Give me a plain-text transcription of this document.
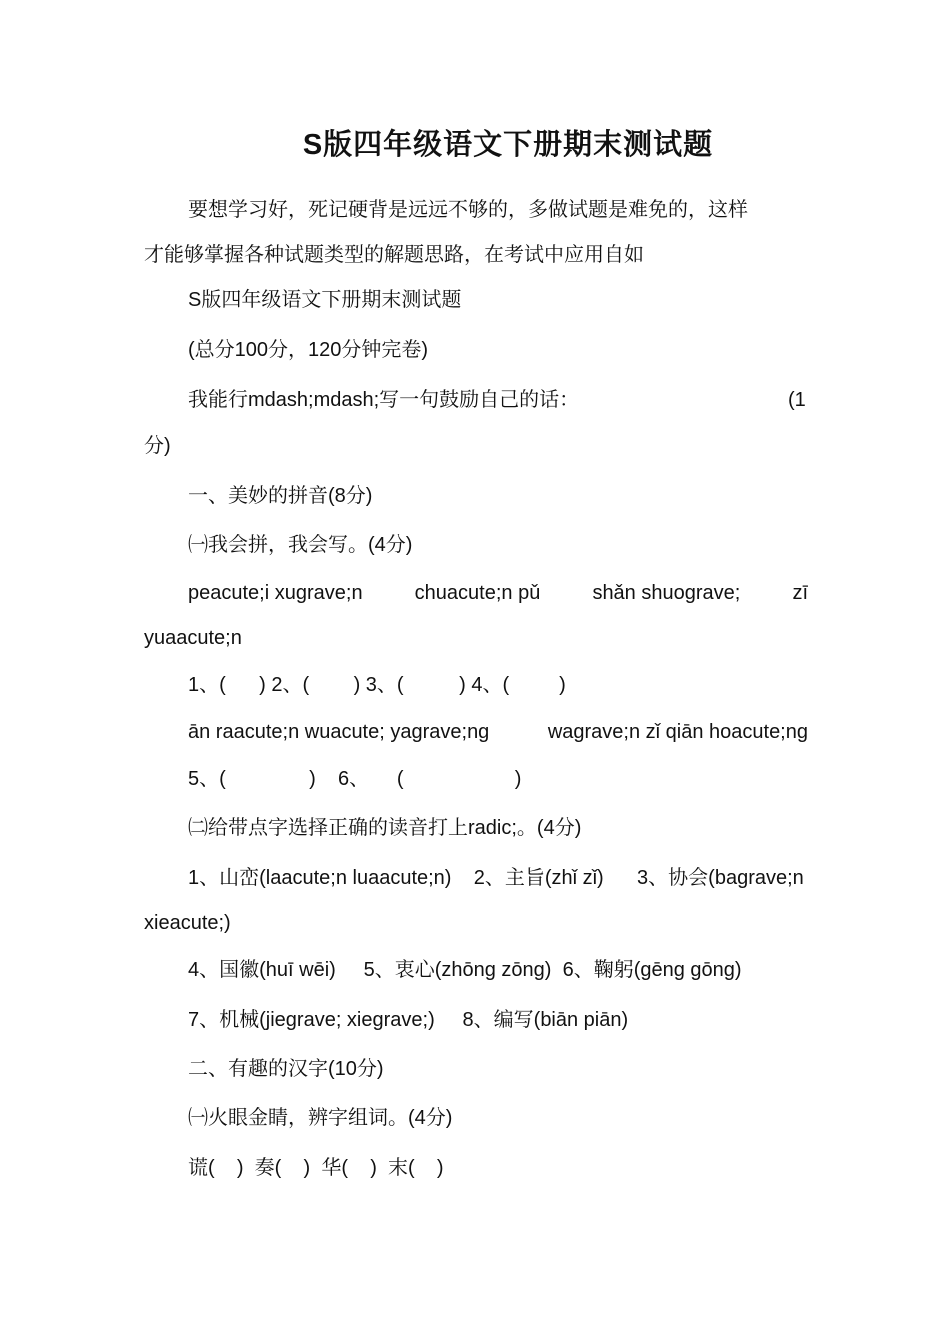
S版四年级语文下册期末测试题
要想学习好，死记硬背是远远不够的，多做试题是难免的，这样
才能够掌握各种试题类型的解题思路，在考试中应用自如
S版四年级语文下册期末测试题
(总分100分，120分钟完卷)
我能行mdash;mdash;写一句鼓励自己的话：	(1
分)
一、美妙的拼音(8分)
㈠我会拼，我会写。(4分)
peacute;i xugrave;n	chuacute;n pǔ	shǎn shuograve;	zī
yuaacute;n
1、(      ) 2、(        ) 3、(          ) 4、(         )
ān raacute;n wuacute; yagrave;ng	wagrave;n zǐ qiān hoacute;ng
5、(               )    6、     (                    )
㈡给带点字选择正确的读音打上radic;。(4分)
1、山峦(laacute;n luaacute;n)    2、主旨(zhǐ zǐ)      3、协会(bagrave;n
xieacute;)
4、国徽(huī wēi)     5、衷心(zhōng zōng)  6、鞠躬(gēng gōng)
7、机械(jiegrave; xiegrave;)     8、编写(biān piān)
二、有趣的汉字(10分)
㈠火眼金睛，辨字组词。(4分)
谎(    )  奏(    )  华(    )  末(    )
